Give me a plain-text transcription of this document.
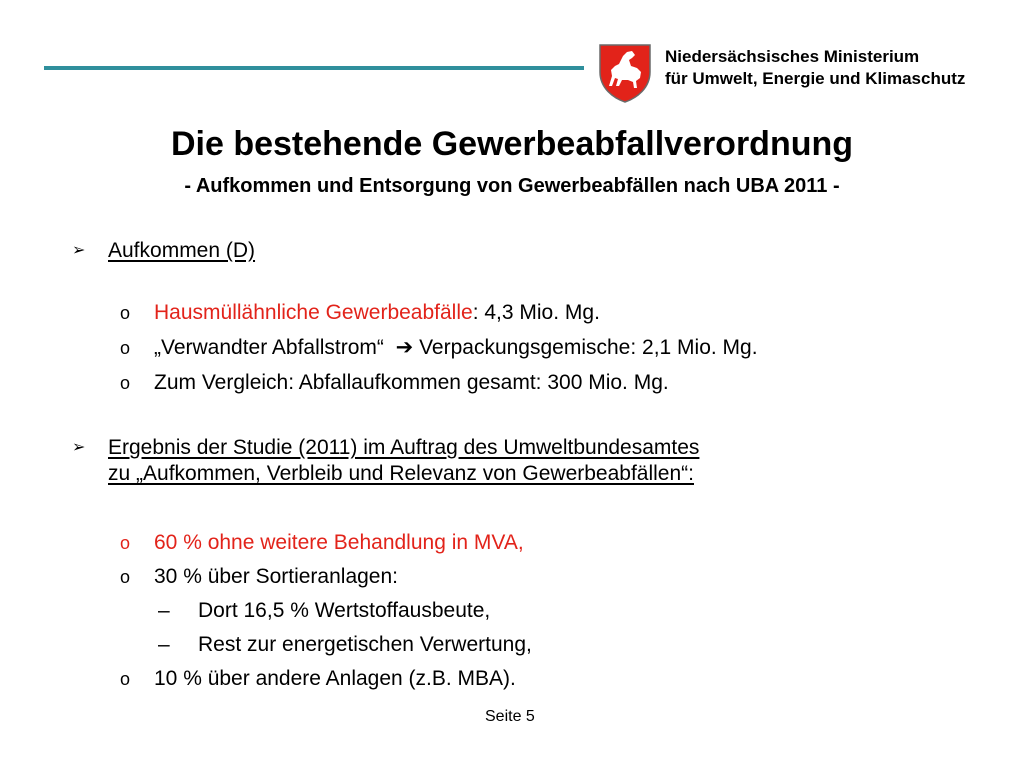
Niedersächsisches Ministerium
für Umwelt, Energie und Klimaschutz
Die bestehende Gewerbeabfallverordnung
- Aufkommen und Entsorgung von Gewerbeabfällen nach UBA 2011 -
➢ Aufkommen (D)
o Hausmüllähnliche Gewerbeabfälle: 4,3 Mio. Mg.
o „Verwandter Abfallstrom“ ➔ Verpackungsgemische: 2,1 Mio. Mg.
o Zum Vergleich: Abfallaufkommen gesamt: 300 Mio. Mg.
➢ Ergebnis der Studie (2011) im Auftrag des Umweltbundesamtes
zu „Aufkommen, Verbleib und Relevanz von Gewerbeabfällen“:
o 60 % ohne weitere Behandlung in MVA,
o 30 % über Sortieranlagen:
– Dort 16,5 % Wertstoffausbeute,
– Rest zur energetischen Verwertung,
o 10 % über andere Anlagen (z.B. MBA).
Seite 5
